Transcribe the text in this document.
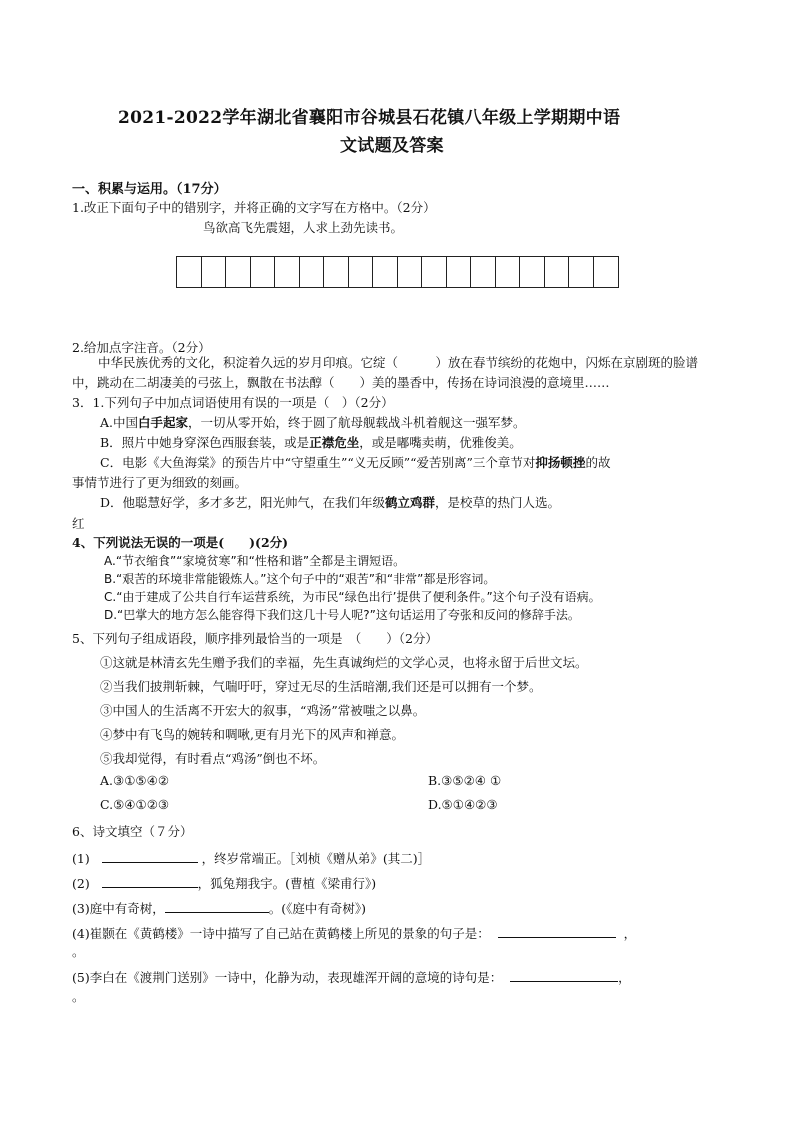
2021-2022学年湖北省襄阳市谷城县石花镇八年级上学期期中语
文试题及答案
一、积累与运用。（17分）
1.改正下面句子中的错别字，并将正确的文字写在方格中。（2分）
鸟欲高飞先震翅，人求上劲先读书。
2.给加点字注音。（2分）
中华民族优秀的文化，积淀着久远的岁月印痕。它绽（　　　）放在春节缤纷的花炮中，闪烁在京剧斑的脸谱中，跳动在二胡凄美的弓弦上，飘散在书法醇（　　）美的墨香中，传扬在诗词浪漫的意境里……
3．1.下列句子中加点词语使用有误的一项是（　）（2分）
A.中国白手起家，一切从零开始，终于圆了航母舰载战斗机着舰这一强军梦。
B．照片中她身穿深色西服套装，或是正襟危坐，或是嘟嘴卖萌，优雅俊美。
C．电影《大鱼海棠》的预告片中“守望重生”“义无反顾”“爱苦别离”三个章节对抑扬顿挫的故
事情节进行了更为细致的刻画。
D．他聪慧好学，多才多艺，阳光帅气，在我们年级鹤立鸡群，是校草的热门人选。
红
4、下列说法无误的一项是(　　)(2分)
A.“节衣缩食”“家境贫寒”和“性格和谐”全都是主谓短语。
B.“艰苦的环境非常能锻炼人。”这个句子中的“艰苦”和“非常”都是形容词。
C.“由于建成了公共自行车运营系统，为市民“绿色出行’提供了便利条件。”这个句子没有语病。
D.“巴掌大的地方怎么能容得下我们这几十号人呢?”这句话运用了夸张和反问的修辞手法。
5、下列句子组成语段，顺序排列最恰当的一项是　（　　）（2分）
①这就是林清玄先生赠予我们的幸福，先生真诚绚烂的文学心灵，也将永留于后世文坛。
②当我们披荆斩棘，气喘吁吁，穿过无尽的生活暗潮,我们还是可以拥有一个梦。
③中国人的生活离不开宏大的叙事，“鸡汤”常被嗤之以鼻。
④梦中有飞鸟的婉转和啁啾,更有月光下的风声和禅意。
⑤我却觉得，有时看点“鸡汤”倒也不坏。
A.③①⑤④②	B.③⑤②④ ①
C.⑤④①②③	D.⑤①④②③
6、诗文填空（７分）
(1)	，终岁常端正。［刘桢《赠从弟》(其二)］
(2)	，狐兔翔我宇。(曹植《梁甫行》)
(3)庭中有奇树，	。(《庭中有奇树》)
(4)崔颢在《黄鹤楼》一诗中描写了自己站在黄鹤楼上所见的景象的句子是：	，
。
(5)李白在《渡荆门送别》一诗中，化静为动，表现雄浑开阔的意境的诗句是：	，
。
